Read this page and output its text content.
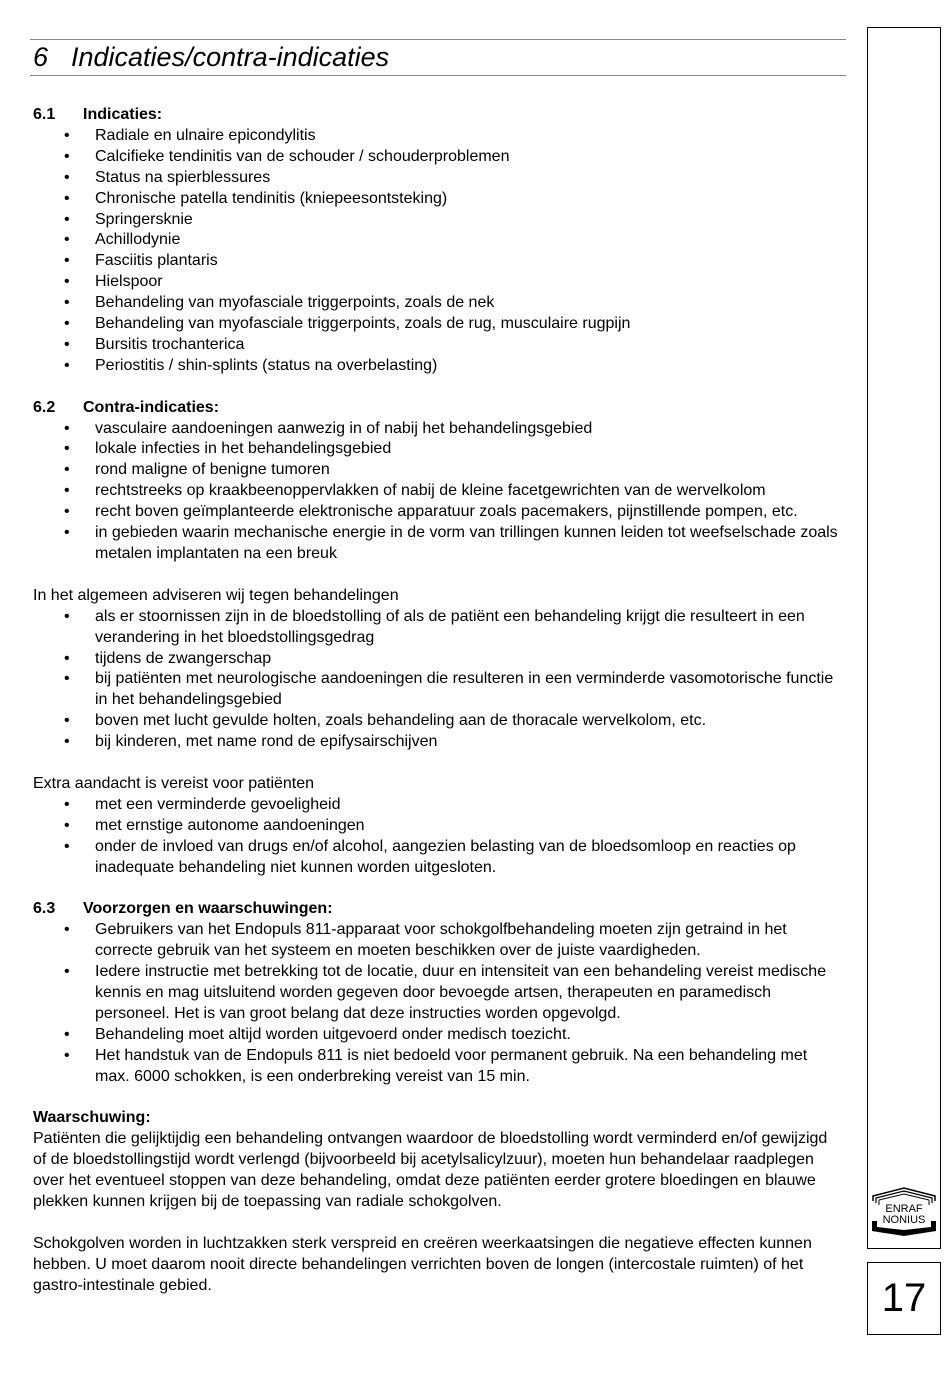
6 Indicaties/contra-indicaties
6.1 Indicaties:
• Radiale en ulnaire epicondylitis
• Calcifieke tendinitis van de schouder / schouderproblemen
• Status na spierblessures
• Chronische patella tendinitis (kniepeesontsteking)
• Springersknie
• Achillodynie
• Fasciitis plantaris
• Hielspoor
• Behandeling van myofasciale triggerpoints, zoals de nek
• Behandeling van myofasciale triggerpoints, zoals de rug, musculaire rugpijn
• Bursitis trochanterica
• Periostitis / shin-splints (status na overbelasting)
6.2 Contra-indicaties:
• vasculaire aandoeningen aanwezig in of nabij het behandelingsgebied
• lokale infecties in het behandelingsgebied
• rond maligne of benigne tumoren
• rechtstreeks op kraakbeenoppervlakken of nabij de kleine facetgewrichten van de wervelkolom
• recht boven geïmplanteerde elektronische apparatuur zoals pacemakers, pijnstillende pompen, etc.
• in gebieden waarin mechanische energie in de vorm van trillingen kunnen leiden tot weefselschade zoals metalen implantaten na een breuk
In het algemeen adviseren wij tegen behandelingen
• als er stoornissen zijn in de bloedstolling of als de patiënt een behandeling krijgt die resulteert in een verandering in het bloedstollingsgedrag
• tijdens de zwangerschap
• bij patiënten met neurologische aandoeningen die resulteren in een verminderde vasomotorische functie in het behandelingsgebied
• boven met lucht gevulde holten, zoals behandeling aan de thoracale wervelkolom, etc.
• bij kinderen, met name rond de epifysairschijven
Extra aandacht is vereist voor patiënten
• met een verminderde gevoeligheid
• met ernstige autonome aandoeningen
• onder de invloed van drugs en/of alcohol, aangezien belasting van de bloedsomloop en reacties op inadequate behandeling niet kunnen worden uitgesloten.
6.3 Voorzorgen en waarschuwingen:
• Gebruikers van het Endopuls 811-apparaat voor schokgolfbehandeling moeten zijn getraind in het correcte gebruik van het systeem en moeten beschikken over de juiste vaardigheden.
• Iedere instructie met betrekking tot de locatie, duur en intensiteit van een behandeling vereist medische kennis en mag uitsluitend worden gegeven door bevoegde artsen, therapeuten en paramedisch personeel. Het is van groot belang dat deze instructies worden opgevolgd.
• Behandeling moet altijd worden uitgevoerd onder medisch toezicht.
• Het handstuk van de Endopuls 811 is niet bedoeld voor permanent gebruik. Na een behandeling met max. 6000 schokken, is een onderbreking vereist van 15 min.
Waarschuwing:
Patiënten die gelijktijdig een behandeling ontvangen waardoor de bloedstolling wordt verminderd en/of gewijzigd of de bloedstollingstijd wordt verlengd (bijvoorbeeld bij acetylsalicylzuur), moeten hun behandelaar raadplegen over het eventueel stoppen van deze behandeling, omdat deze patiënten eerder grotere bloedingen en blauwe plekken kunnen krijgen bij de toepassing van radiale schokgolven.
Schokgolven worden in luchtzakken sterk verspreid en creëren weerkaatsingen die negatieve effecten kunnen hebben. U moet daarom nooit directe behandelingen verrichten boven de longen (intercostale ruimten) of het gastro-intestinale gebied.
ENRAF
NONIUS
17
